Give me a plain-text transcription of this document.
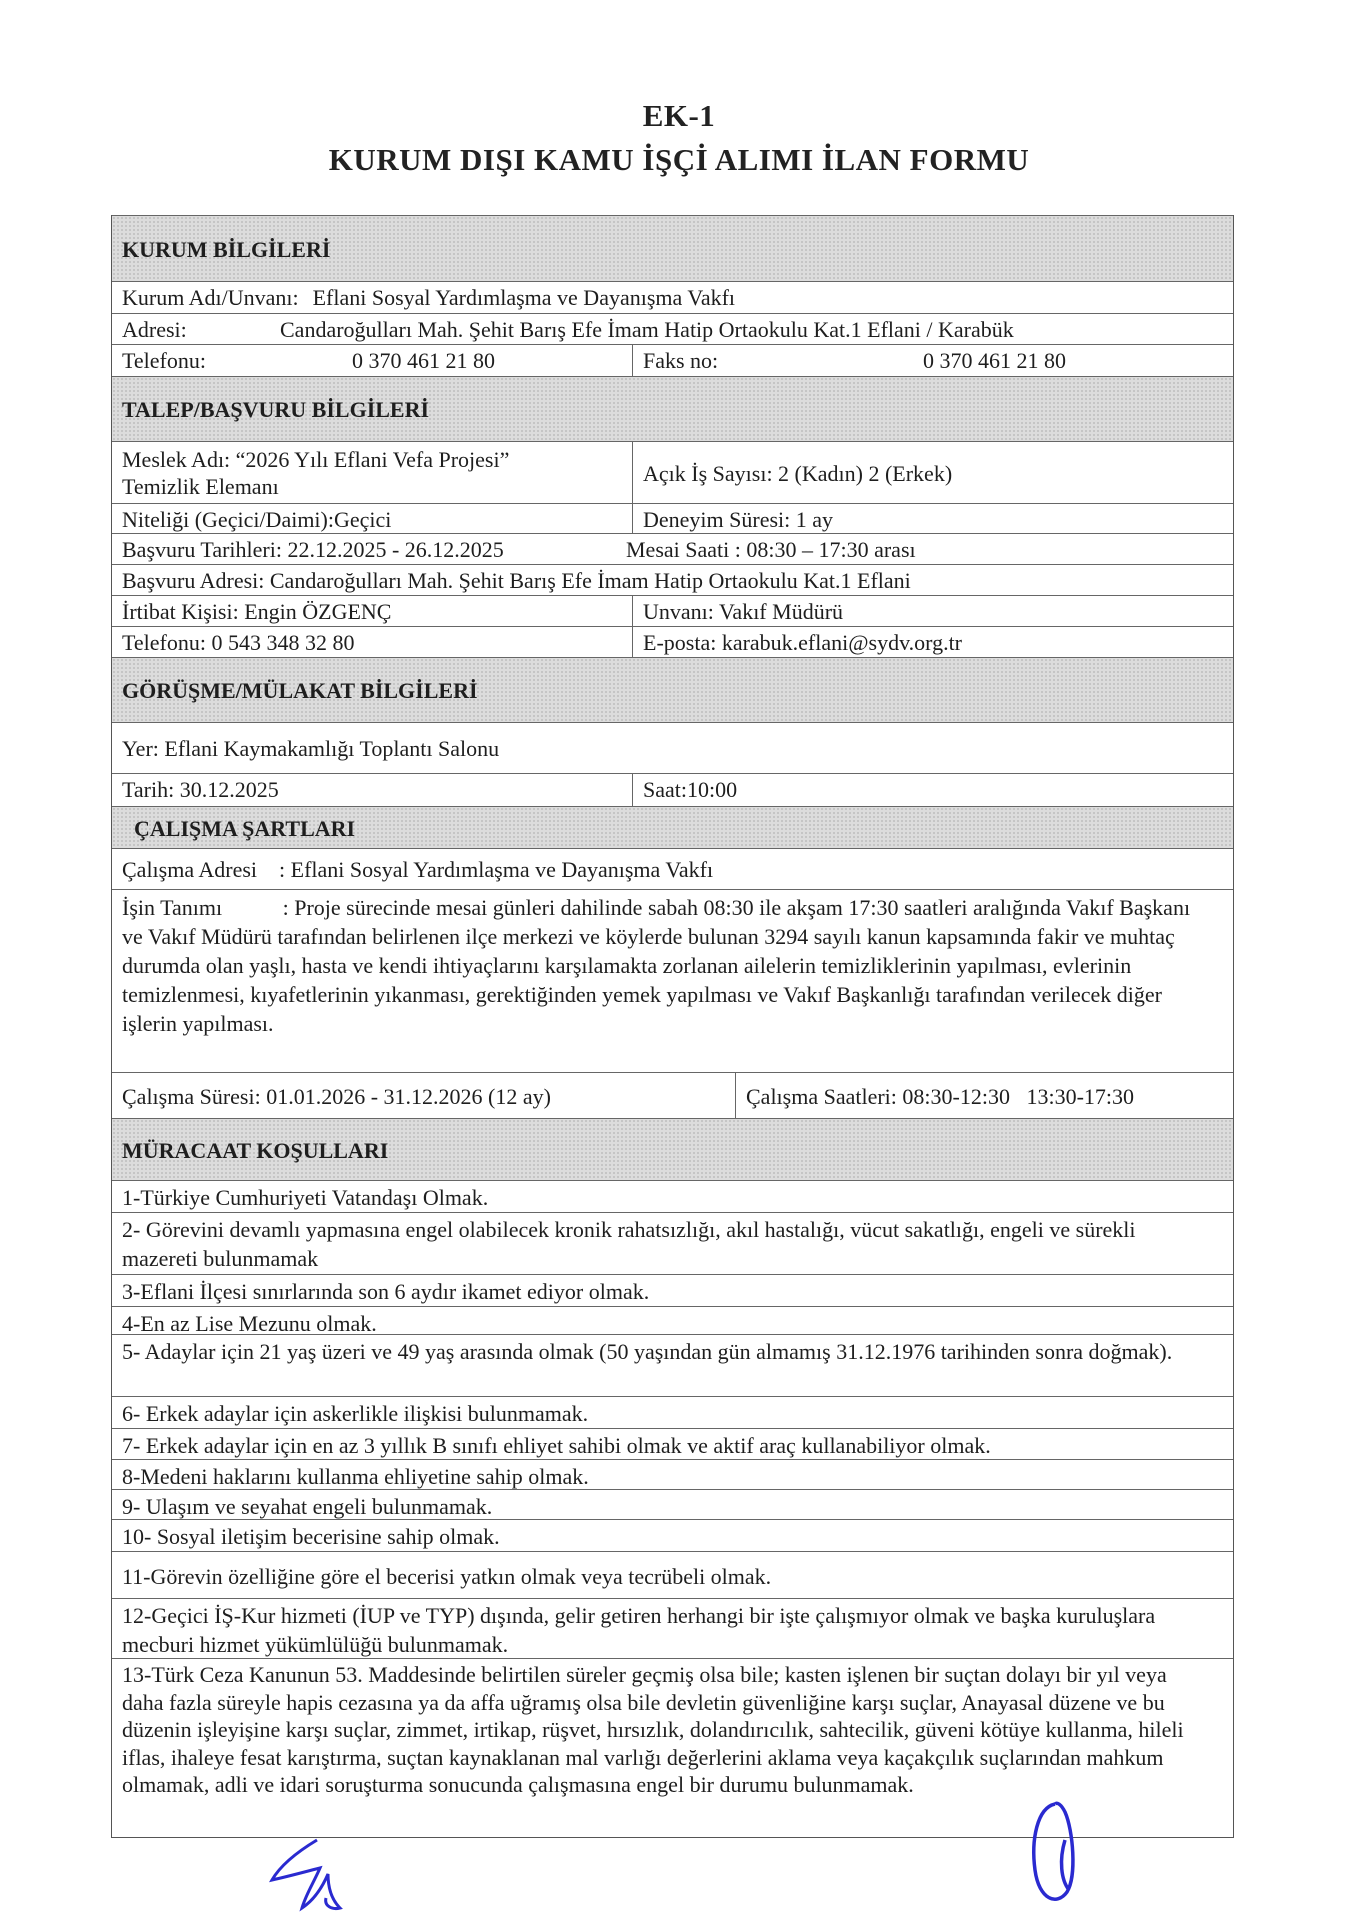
EK-1
KURUM DIŞI KAMU İŞÇİ ALIMI İLAN FORMU
KURUM BİLGİLERİ
Kurum Adı/Unvanı: Eflani Sosyal Yardımlaşma ve Dayanışma Vakfı
Adresi:	Candaroğulları Mah. Şehit Barış Efe İmam Hatip Ortaokulu Kat.1 Eflani / Karabük
Telefonu:	0 370 461 21 80	Faks no:	0 370 461 21 80
TALEP/BAŞVURU BİLGİLERİ
Meslek Adı: “2026 Yılı Eflani Vefa Projesi”
Temizlik Elemanı
Açık İş Sayısı: 2 (Kadın) 2 (Erkek)
Niteliği (Geçici/Daimi):Geçici	Deneyim Süresi: 1 ay
Başvuru Tarihleri: 22.12.2025 - 26.12.2025	Mesai Saati : 08:30 – 17:30 arası
Başvuru Adresi: Candaroğulları Mah. Şehit Barış Efe İmam Hatip Ortaokulu Kat.1 Eflani
İrtibat Kişisi: Engin ÖZGENÇ	Unvanı: Vakıf Müdürü
Telefonu: 0 543 348 32 80	E-posta: karabuk.eflani@sydv.org.tr
GÖRÜŞME/MÜLAKAT BİLGİLERİ
Yer: Eflani Kaymakamlığı Toplantı Salonu
Tarih: 30.12.2025	Saat:10:00
ÇALIŞMA ŞARTLARI
Çalışma Adresi    : Eflani Sosyal Yardımlaşma ve Dayanışma Vakfı
İşin Tanımı           : Proje sürecinde mesai günleri dahilinde sabah 08:30 ile akşam 17:30 saatleri aralığında Vakıf Başkanı ve Vakıf Müdürü tarafından belirlenen ilçe merkezi ve köylerde bulunan 3294 sayılı kanun kapsamında fakir ve muhtaç durumda olan yaşlı, hasta ve kendi ihtiyaçlarını karşılamakta zorlanan ailelerin temizliklerinin yapılması, evlerinin temizlenmesi, kıyafetlerinin yıkanması, gerektiğinden yemek yapılması ve Vakıf Başkanlığı tarafından verilecek diğer işlerin yapılması.
Çalışma Süresi: 01.01.2026 - 31.12.2026 (12 ay)	Çalışma Saatleri: 08:30-12:30   13:30-17:30
MÜRACAAT KOŞULLARI
1-Türkiye Cumhuriyeti Vatandaşı Olmak.
2- Görevini devamlı yapmasına engel olabilecek kronik rahatsızlığı, akıl hastalığı, vücut sakatlığı, engeli ve sürekli mazereti bulunmamak
3-Eflani İlçesi sınırlarında son 6 aydır ikamet ediyor olmak.
4-En az Lise Mezunu olmak.
5- Adaylar için 21 yaş üzeri ve 49 yaş arasında olmak (50 yaşından gün almamış 31.12.1976 tarihinden sonra doğmak).
6- Erkek adaylar için askerlikle ilişkisi bulunmamak.
7- Erkek adaylar için en az 3 yıllık B sınıfı ehliyet sahibi olmak ve aktif araç kullanabiliyor olmak.
8-Medeni haklarını kullanma ehliyetine sahip olmak.
9- Ulaşım ve seyahat engeli bulunmamak.
10- Sosyal iletişim becerisine sahip olmak.
11-Görevin özelliğine göre el becerisi yatkın olmak veya tecrübeli olmak.
12-Geçici İŞ-Kur hizmeti (İUP ve TYP) dışında, gelir getiren herhangi bir işte çalışmıyor olmak ve başka kuruluşlara mecburi hizmet yükümlülüğü bulunmamak.
13-Türk Ceza Kanunun 53. Maddesinde belirtilen süreler geçmiş olsa bile; kasten işlenen bir suçtan dolayı bir yıl veya daha fazla süreyle hapis cezasına ya da affa uğramış olsa bile devletin güvenliğine karşı suçlar, Anayasal düzene ve bu düzenin işleyişine karşı suçlar, zimmet, irtikap, rüşvet, hırsızlık, dolandırıcılık, sahtecilik, güveni kötüye kullanma, hileli iflas, ihaleye fesat karıştırma, suçtan kaynaklanan mal varlığı değerlerini aklama veya kaçakçılık suçlarından mahkum olmamak, adli ve idari soruşturma sonucunda çalışmasına engel bir durumu bulunmamak.
